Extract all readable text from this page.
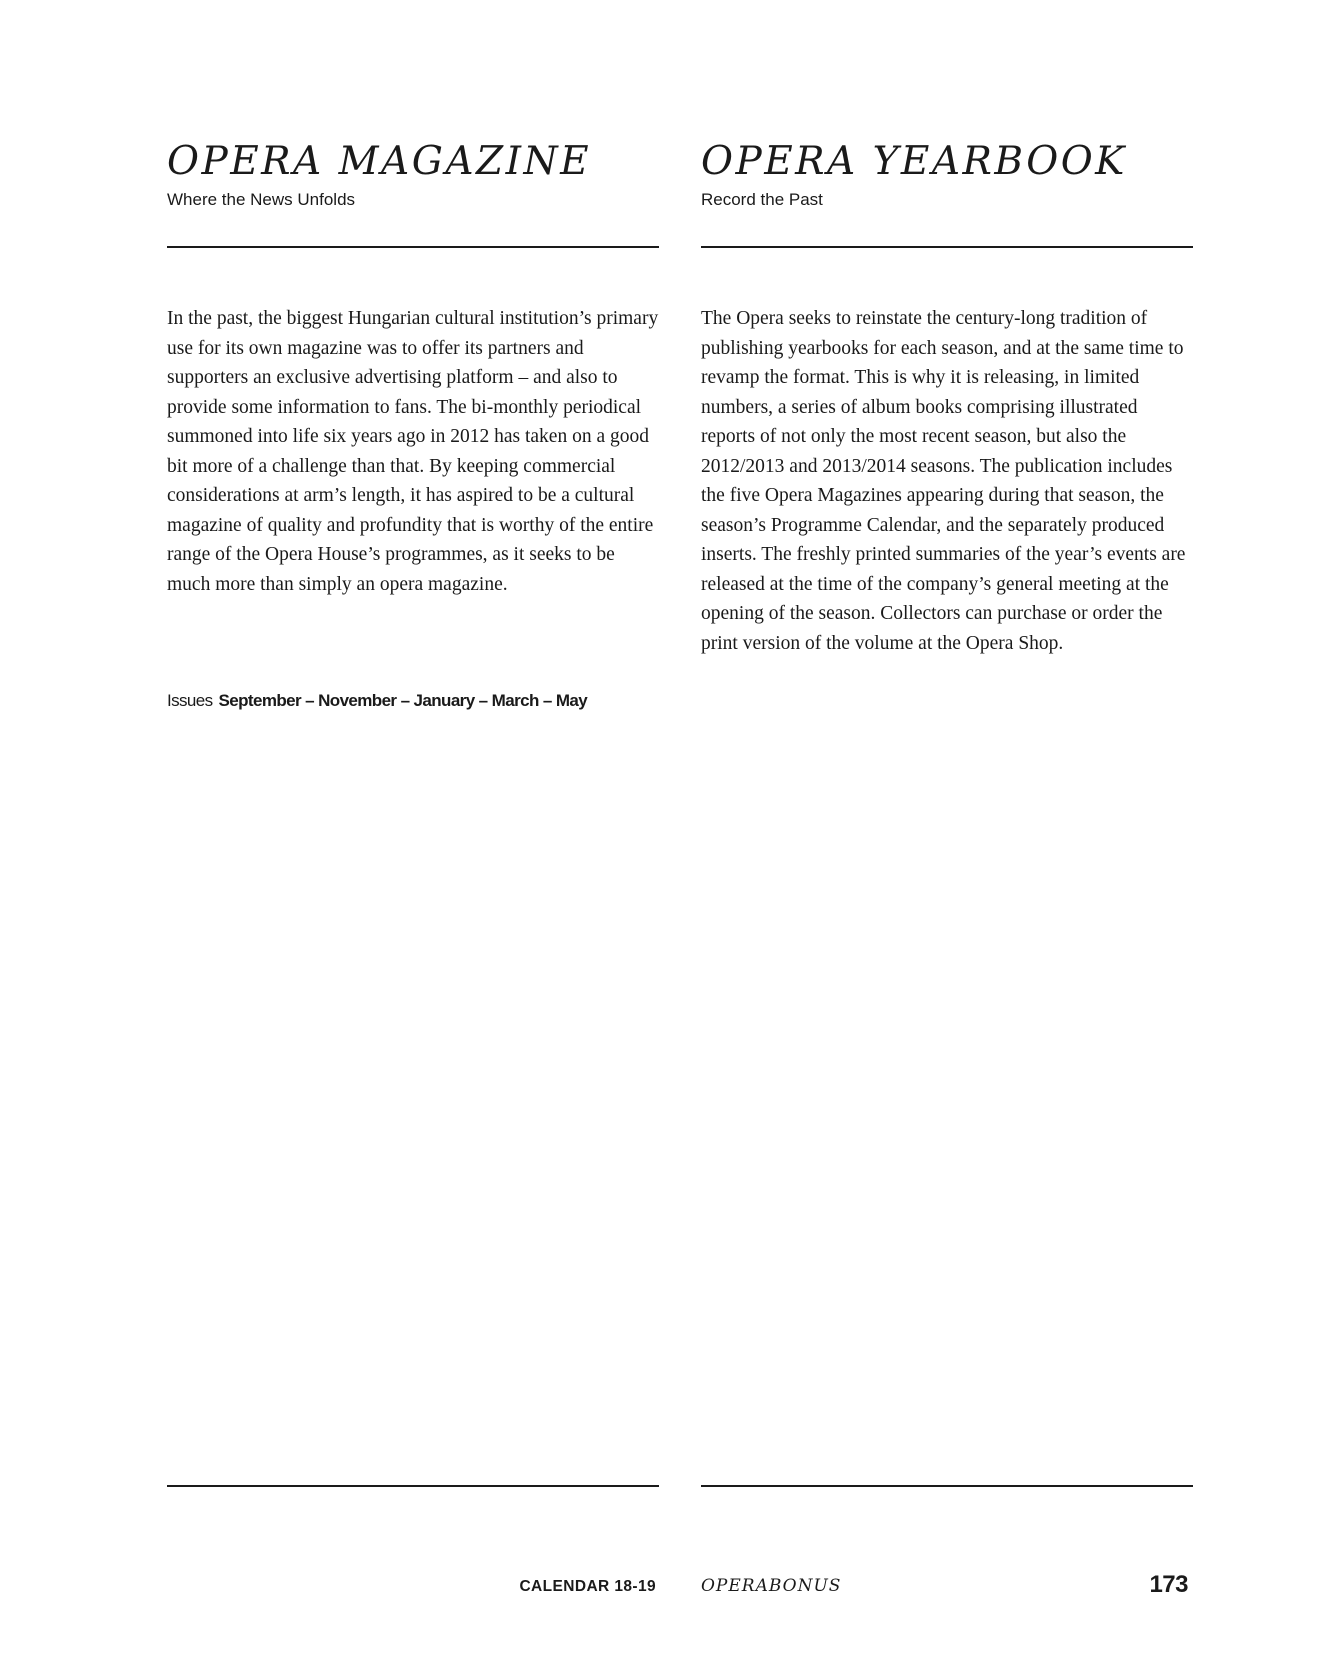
OPERA MAGAZINE
Where the News Unfolds
OPERA YEARBOOK
Record the Past

In the past, the biggest Hungarian cultural institution’s primary use for its own magazine was to offer its partners and supporters an exclusive advertising platform – and also to provide some information to fans. The bi-monthly periodical summoned into life six years ago in 2012 has taken on a good bit more of a challenge than that. By keeping commercial considerations at arm’s length, it has aspired to be a cultural magazine of quality and profundity that is worthy of the entire range of the Opera House’s programmes, as it seeks to be much more than simply an opera magazine.

The Opera seeks to reinstate the century-long tradition of publishing yearbooks for each season, and at the same time to revamp the format. This is why it is releasing, in limited numbers, a series of album books comprising illustrated reports of not only the most recent season, but also the 2012/2013 and 2013/2014 seasons. The publication includes the five Opera Magazines appearing during that season, the season’s Programme Calendar, and the separately produced inserts. The freshly printed summaries of the year’s events are released at the time of the company’s general meeting at the opening of the season. Collectors can purchase or order the print version of the volume at the Opera Shop.

Issues September – November – January – March – May
CALENDAR 18-19	OPERABONUS	173
